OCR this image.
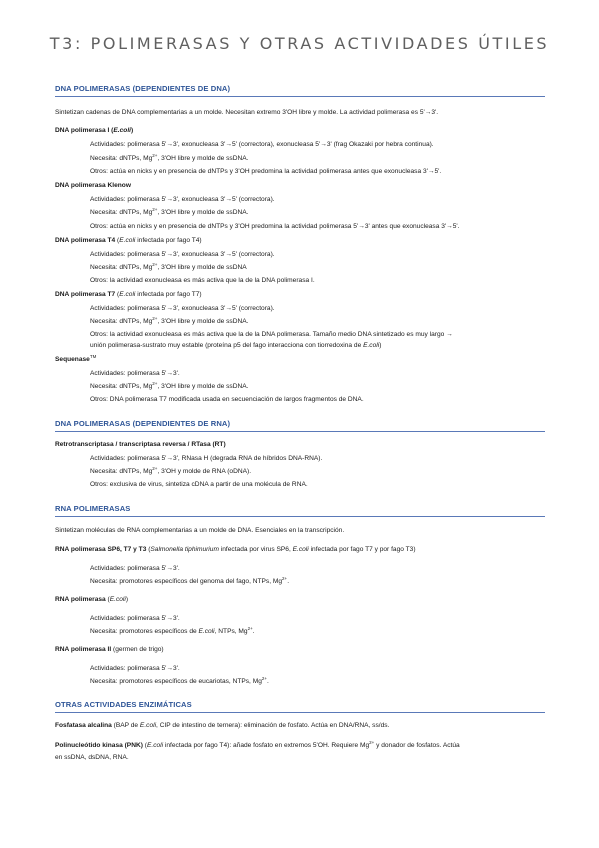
T3: POLIMERASAS Y OTRAS ACTIVIDADES ÚTILES
DNA POLIMERASAS (DEPENDIENTES DE DNA)
Sintetizan cadenas de DNA complementarias a un molde. Necesitan extremo 3'OH libre y molde. La actividad polimerasa es 5'→3'.
DNA polimerasa I (E.coli)
Actividades: polimerasa 5'→3', exonucleasa 3'→5' (correctora), exonucleasa 5'→3' (frag Okazaki por hebra continua).
Necesita: dNTPs, $Mg^{2+}$, 3'OH libre y molde de ssDNA.
Otros: actúa en nicks y en presencia de dNTPs y 3'OH predomina la actividad polimerasa antes que exonucleasa 3'→5'.
DNA polimerasa Klenow
Actividades: polimerasa 5'→3', exonucleasa 3'→5' (correctora).
Necesita: dNTPs, $Mg^{2+}$, 3'OH libre y molde de ssDNA.
Otros: actúa en nicks y en presencia de dNTPs y 3'OH predomina la actividad polimerasa 5'→3' antes que exonucleasa 3'→5'.
DNA polimerasa T4 (E.coli infectada por fago T4)
Actividades: polimerasa 5'→3', exonucleasa 3'→5' (correctora).
Necesita: dNTPs, $Mg^{2+}$, 3'OH libre y molde de ssDNA
Otros: la actividad exonucleasa es más activa que la de la DNA polimerasa I.
DNA polimerasa T7 (E.coli infectada por fago T7)
Actividades: polimerasa 5'→3', exonucleasa 3'→5' (correctora).
Necesita: dNTPs, $Mg^{2+}$, 3'OH libre y molde de ssDNA.
Otros: la actividad exonucleasa es más activa que la de la DNA polimerasa. Tamaño medio DNA sintetizado es muy largo →
unión polimerasa-sustrato muy estable (proteína p5 del fago interacciona con tiorredoxina de E.coli)
Sequenase™
Actividades: polimerasa 5'→3'.
Necesita: dNTPs, $Mg^{2+}$, 3'OH libre y molde de ssDNA.
Otros: DNA polimerasa T7 modificada usada en secuenciación de largos fragmentos de DNA.
DNA POLIMERASAS (DEPENDIENTES DE RNA)
Retrotranscriptasa / transcriptasa reversa / RTasa (RT)
Actividades: polimerasa 5'→3', RNasa H (degrada RNA de híbridos DNA-RNA).
Necesita: dNTPs, $Mg^{2+}$, 3'OH y molde de RNA (oDNA).
Otros: exclusiva de virus, sintetiza cDNA a partir de una molécula de RNA.
RNA POLIMERASAS
Sintetizan moléculas de RNA complementarias a un molde de DNA. Esenciales en la transcripción.
RNA polimerasa SP6, T7 y T3 (Salmonella tiphimurium infectada por virus SP6, E.coli infectada por fago T7 y por fago T3)
Actividades: polimerasa 5'→3'.
Necesita: promotores específicos del genoma del fago, NTPs, $Mg^{2+}$.
RNA polimerasa (E.coli)
Actividades: polimerasa 5'→3'.
Necesita: promotores específicos de E.coli, NTPs, $Mg^{2+}$.
RNA polimerasa II (germen de trigo)
Actividades: polimerasa 5'→3'.
Necesita: promotores específicos de eucariotas, NTPs, $Mg^{2+}$.
OTRAS ACTIVIDADES ENZIMÁTICAS
Fosfatasa alcalina (BAP de E.coli, CIP de intestino de ternera): eliminación de fosfato. Actúa en DNA/RNA, ss/ds.
Polinucleótido kinasa (PNK) (E.coli infectada por fago T4): añade fosfato en extremos 5'OH. Requiere $Mg^{2+}$ y donador de fosfatos. Actúa
en ssDNA, dsDNA, RNA.
